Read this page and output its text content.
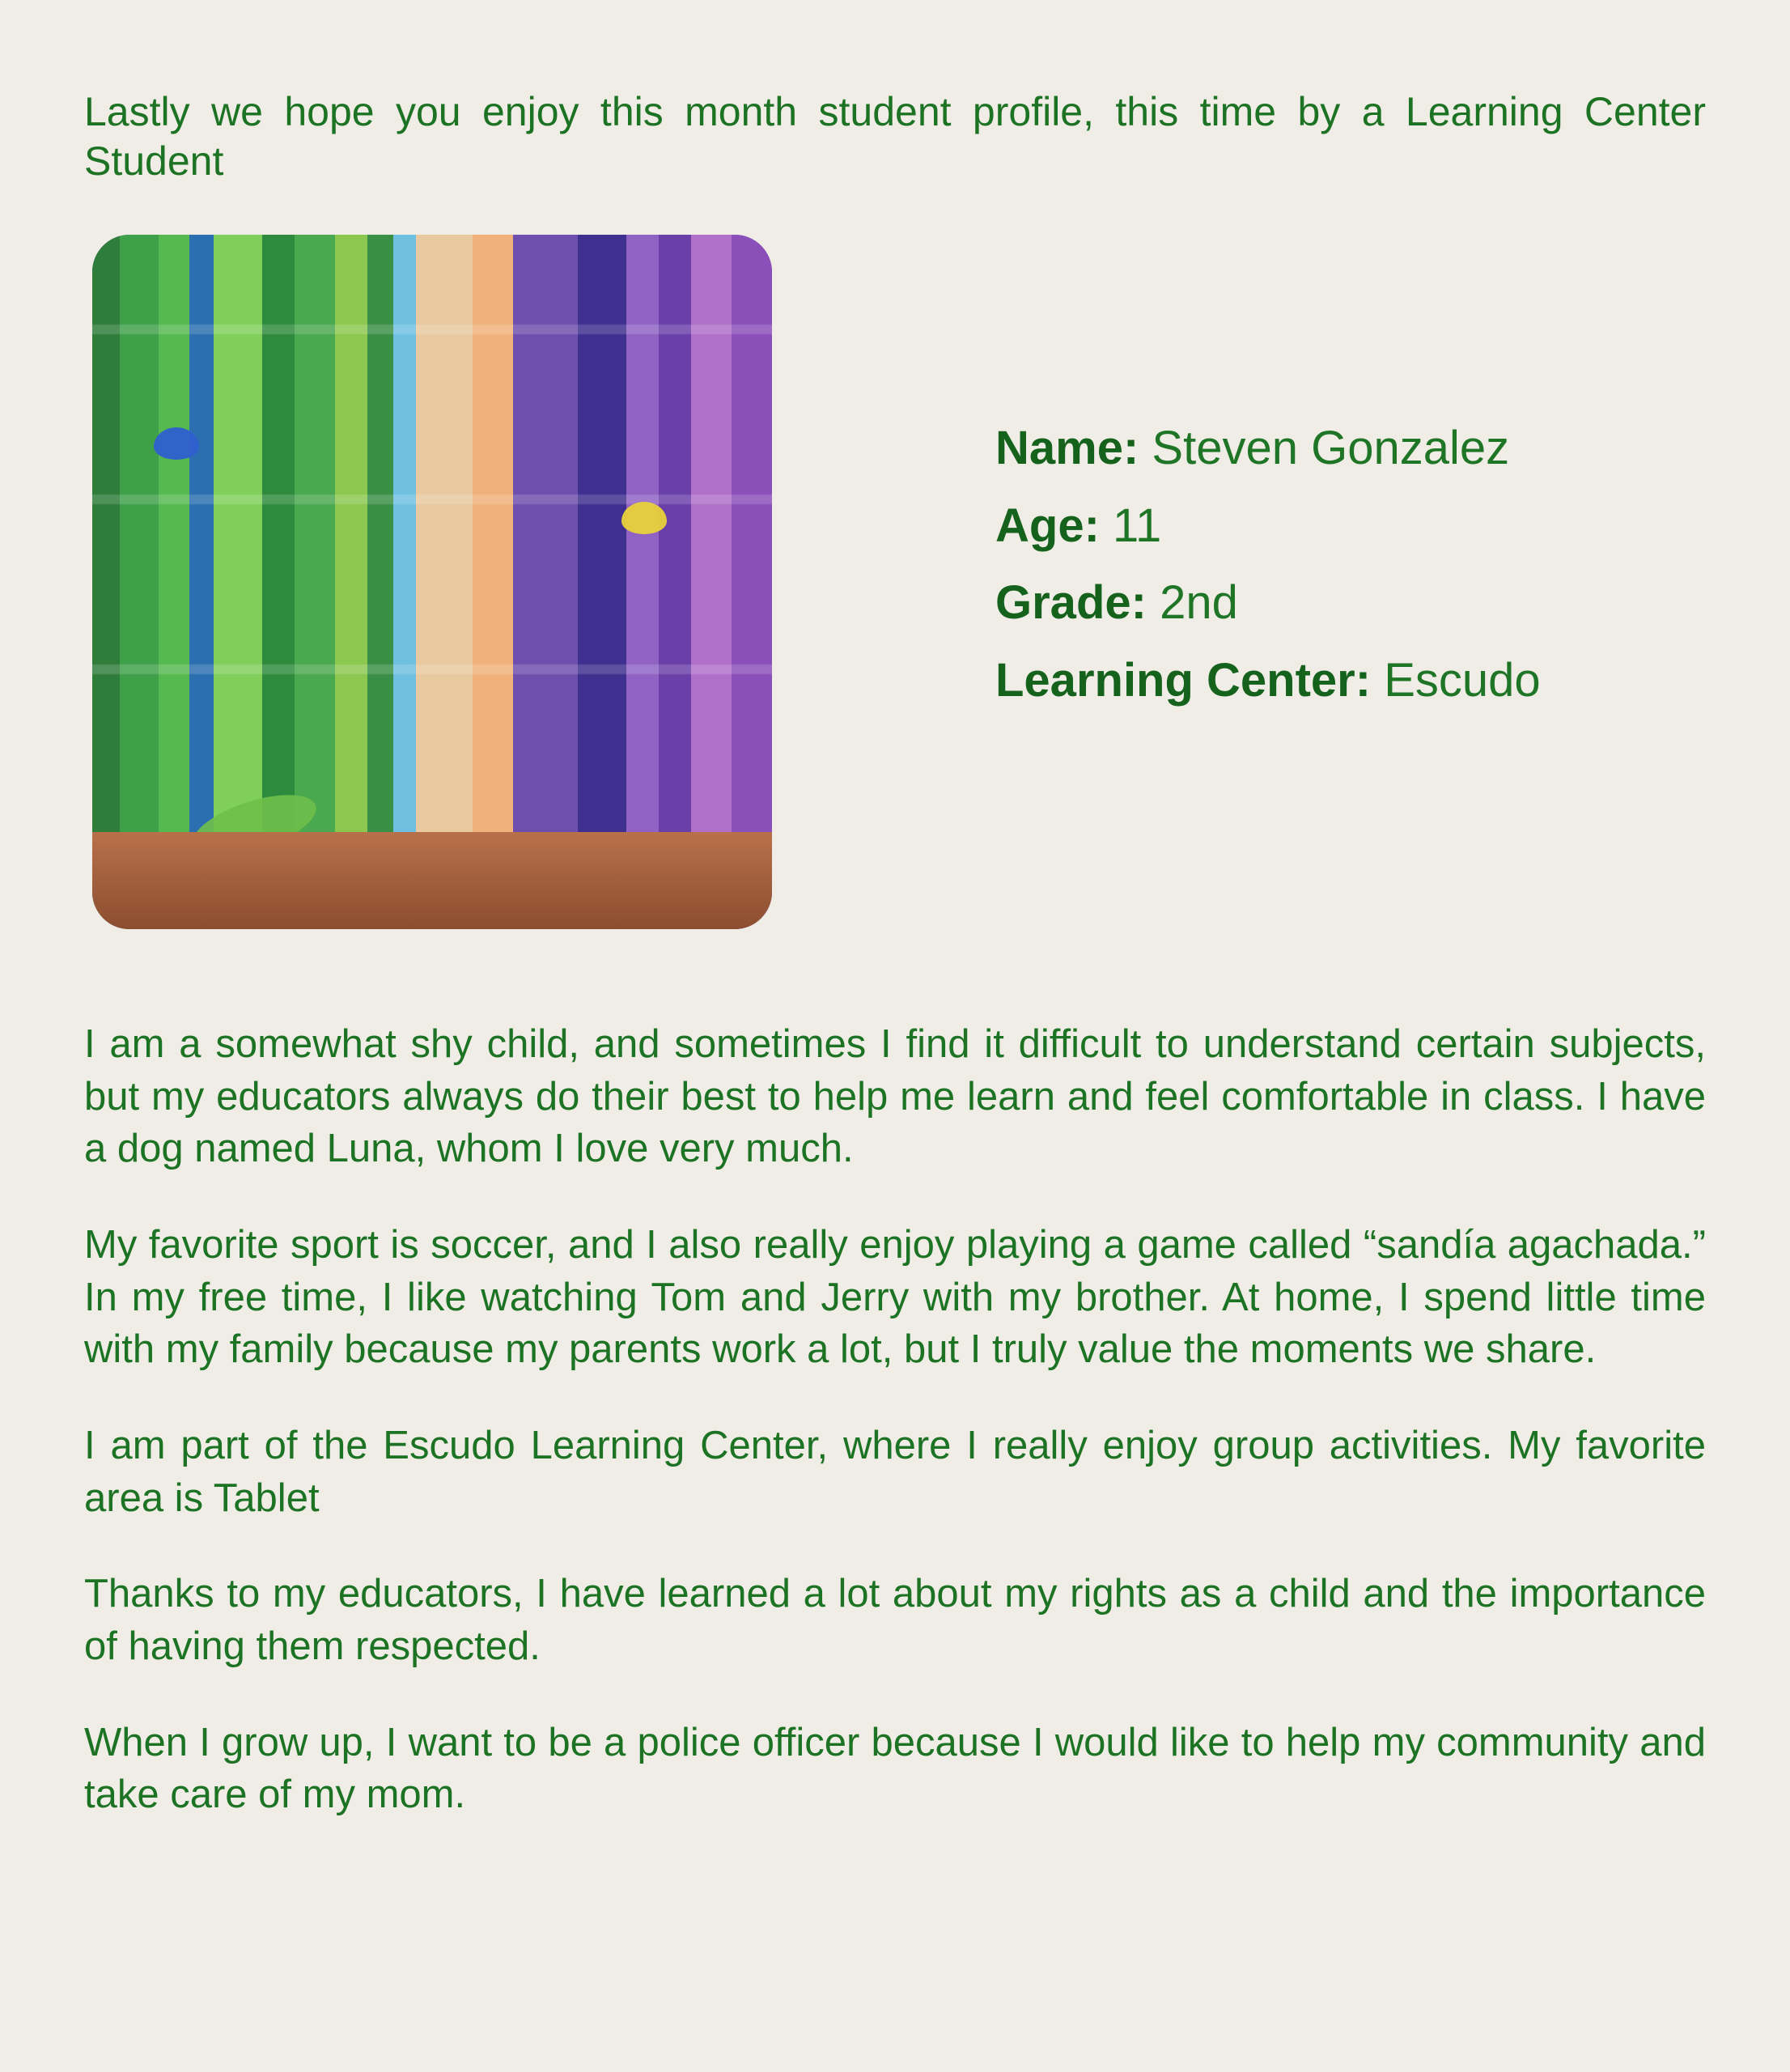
Lastly we hope you enjoy this month student profile, this time by a Learning Center Student

Name: Steven Gonzalez
Age: 11
Grade: 2nd
Learning Center: Escudo

I am a somewhat shy child, and sometimes I find it difficult to understand certain subjects, but my educators always do their best to help me learn and feel comfortable in class. I have a dog named Luna, whom I love very much.

My favorite sport is soccer, and I also really enjoy playing a game called “sandía agachada.” In my free time, I like watching Tom and Jerry with my brother. At home, I spend little time with my family because my parents work a lot, but I truly value the moments we share.

I am part of the Escudo Learning Center, where I really enjoy group activities. My favorite area is Tablet

Thanks to my educators, I have learned a lot about my rights as a child and the importance of having them respected.

When I grow up, I want to be a police officer because I would like to help my community and take care of my mom.
